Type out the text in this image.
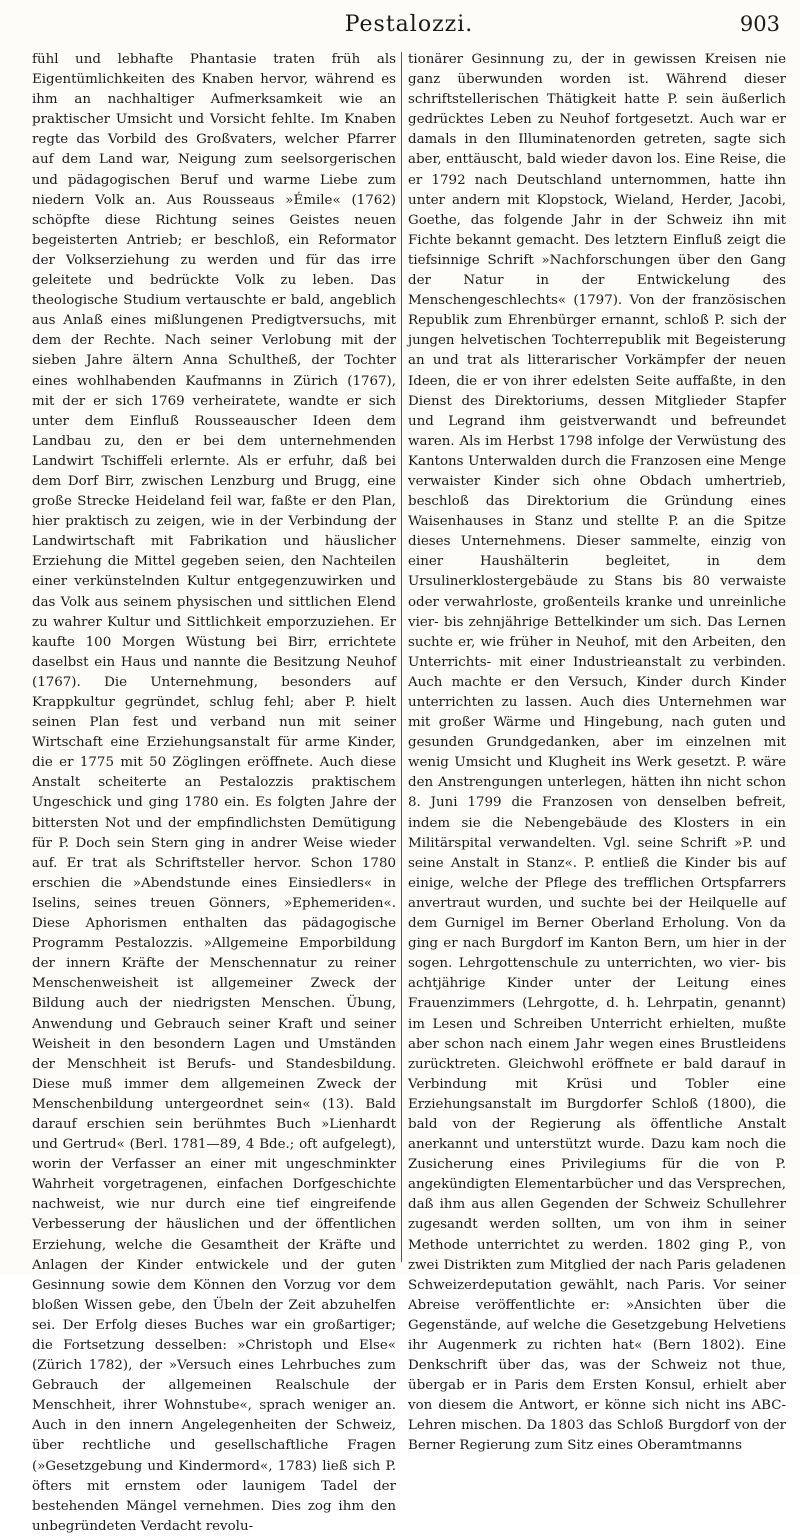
Pestalozzi.	903

fühl und lebhafte Phantasie traten früh als Eigentümlichkeiten des Knaben hervor, während es ihm an nachhaltiger Aufmerksamkeit wie an praktischer Umsicht und Vorsicht fehlte. Im Knaben regte das Vorbild des Großvaters, welcher Pfarrer auf dem Land war, Neigung zum seelsorgerischen und pädagogischen Beruf und warme Liebe zum niedern Volk an. Aus Rousseaus »Émile« (1762) schöpfte diese Richtung seines Geistes neuen begeisterten Antrieb; er beschloß, ein Reformator der Volkserziehung zu werden und für das irre geleitete und bedrückte Volk zu leben. Das theologische Studium vertauschte er bald, angeblich aus Anlaß eines mißlungenen Predigtversuchs, mit dem der Rechte. Nach seiner Verlobung mit der sieben Jahre ältern Anna Schultheß, der Tochter eines wohlhabenden Kaufmanns in Zürich (1767), mit der er sich 1769 verheiratete, wandte er sich unter dem Einfluß Rousseauscher Ideen dem Landbau zu, den er bei dem unternehmenden Landwirt Tschiffeli erlernte. Als er erfuhr, daß bei dem Dorf Birr, zwischen Lenzburg und Brugg, eine große Strecke Heideland feil war, faßte er den Plan, hier praktisch zu zeigen, wie in der Verbindung der Landwirtschaft mit Fabrikation und häuslicher Erziehung die Mittel gegeben seien, den Nachteilen einer verkünstelnden Kultur entgegenzuwirken und das Volk aus seinem physischen und sittlichen Elend zu wahrer Kultur und Sittlichkeit emporzuziehen. Er kaufte 100 Morgen Wüstung bei Birr, errichtete daselbst ein Haus und nannte die Besitzung Neuhof (1767). Die Unternehmung, besonders auf Krappkultur gegründet, schlug fehl; aber P. hielt seinen Plan fest und verband nun mit seiner Wirtschaft eine Erziehungsanstalt für arme Kinder, die er 1775 mit 50 Zöglingen eröffnete. Auch diese Anstalt scheiterte an Pestalozzis praktischem Ungeschick und ging 1780 ein. Es folgten Jahre der bittersten Not und der empfindlichsten Demütigung für P. Doch sein Stern ging in andrer Weise wieder auf. Er trat als Schriftsteller hervor. Schon 1780 erschien die »Abendstunde eines Einsiedlers« in Iselins, seines treuen Gönners, »Ephemeriden«. Diese Aphorismen enthalten das pädagogische Programm Pestalozzis. »Allgemeine Emporbildung der innern Kräfte der Menschennatur zu reiner Menschenweisheit ist allgemeiner Zweck der Bildung auch der niedrigsten Menschen. Übung, Anwendung und Gebrauch seiner Kraft und seiner Weisheit in den besondern Lagen und Umständen der Menschheit ist Berufs- und Standesbildung. Diese muß immer dem allgemeinen Zweck der Menschenbildung untergeordnet sein« (13). Bald darauf erschien sein berühmtes Buch »Lienhardt und Gertrud« (Berl. 1781—89, 4 Bde.; oft aufgelegt), worin der Verfasser an einer mit ungeschminkter Wahrheit vorgetragenen, einfachen Dorfgeschichte nachweist, wie nur durch eine tief eingreifende Verbesserung der häuslichen und der öffentlichen Erziehung, welche die Gesamtheit der Kräfte und Anlagen der Kinder entwickele und der guten Gesinnung sowie dem Können den Vorzug vor dem bloßen Wissen gebe, den Übeln der Zeit abzuhelfen sei. Der Erfolg dieses Buches war ein großartiger; die Fortsetzung desselben: »Christoph und Else« (Zürich 1782), der »Versuch eines Lehrbuches zum Gebrauch der allgemeinen Realschule der Menschheit, ihrer Wohnstube«, sprach weniger an. Auch in den innern Angelegenheiten der Schweiz, über rechtliche und gesellschaftliche Fragen (»Gesetzgebung und Kindermord«, 1783) ließ sich P. öfters mit ernstem oder launigem Tadel der bestehenden Mängel vernehmen. Dies zog ihm den unbegründeten Verdacht revolu-

tionärer Gesinnung zu, der in gewissen Kreisen nie ganz überwunden worden ist. Während dieser schriftstellerischen Thätigkeit hatte P. sein äußerlich gedrücktes Leben zu Neuhof fortgesetzt. Auch war er damals in den Illuminatenorden getreten, sagte sich aber, enttäuscht, bald wieder davon los. Eine Reise, die er 1792 nach Deutschland unternommen, hatte ihn unter andern mit Klopstock, Wieland, Herder, Jacobi, Goethe, das folgende Jahr in der Schweiz ihn mit Fichte bekannt gemacht. Des letztern Einfluß zeigt die tiefsinnige Schrift »Nachforschungen über den Gang der Natur in der Entwickelung des Menschengeschlechts« (1797). Von der französischen Republik zum Ehrenbürger ernannt, schloß P. sich der jungen helvetischen Tochterrepublik mit Begeisterung an und trat als litterarischer Vorkämpfer der neuen Ideen, die er von ihrer edelsten Seite auffaßte, in den Dienst des Direktoriums, dessen Mitglieder Stapfer und Legrand ihm geistverwandt und befreundet waren. Als im Herbst 1798 infolge der Verwüstung des Kantons Unterwalden durch die Franzosen eine Menge verwaister Kinder sich ohne Obdach umhertrieb, beschloß das Direktorium die Gründung eines Waisenhauses in Stanz und stellte P. an die Spitze dieses Unternehmens. Dieser sammelte, einzig von einer Haushälterin begleitet, in dem Ursulinerklostergebäude zu Stans bis 80 verwaiste oder verwahrloste, großenteils kranke und unreinliche vier- bis zehnjährige Bettelkinder um sich. Das Lernen suchte er, wie früher in Neuhof, mit den Arbeiten, den Unterrichts- mit einer Industrieanstalt zu verbinden. Auch machte er den Versuch, Kinder durch Kinder unterrichten zu lassen. Auch dies Unternehmen war mit großer Wärme und Hingebung, nach guten und gesunden Grundgedanken, aber im einzelnen mit wenig Umsicht und Klugheit ins Werk gesetzt. P. wäre den Anstrengungen unterlegen, hätten ihn nicht schon 8. Juni 1799 die Franzosen von denselben befreit, indem sie die Nebengebäude des Klosters in ein Militärspital verwandelten. Vgl. seine Schrift »P. und seine Anstalt in Stanz«. P. entließ die Kinder bis auf einige, welche der Pflege des trefflichen Ortspfarrers anvertraut wurden, und suchte bei der Heilquelle auf dem Gurnigel im Berner Oberland Erholung. Von da ging er nach Burgdorf im Kanton Bern, um hier in der sogen. Lehrgottenschule zu unterrichten, wo vier- bis achtjährige Kinder unter der Leitung eines Frauenzimmers (Lehrgotte, d. h. Lehrpatin, genannt) im Lesen und Schreiben Unterricht erhielten, mußte aber schon nach einem Jahr wegen eines Brustleidens zurücktreten. Gleichwohl eröffnete er bald darauf in Verbindung mit Krüsi und Tobler eine Erziehungsanstalt im Burgdorfer Schloß (1800), die bald von der Regierung als öffentliche Anstalt anerkannt und unterstützt wurde. Dazu kam noch die Zusicherung eines Privilegiums für die von P. angekündigten Elementarbücher und das Versprechen, daß ihm aus allen Gegenden der Schweiz Schullehrer zugesandt werden sollten, um von ihm in seiner Methode unterrichtet zu werden. 1802 ging P., von zwei Distrikten zum Mitglied der nach Paris geladenen Schweizerdeputation gewählt, nach Paris. Vor seiner Abreise veröffentlichte er: »Ansichten über die Gegenstände, auf welche die Gesetzgebung Helvetiens ihr Augenmerk zu richten hat« (Bern 1802). Eine Denkschrift über das, was der Schweiz not thue, übergab er in Paris dem Ersten Konsul, erhielt aber von diesem die Antwort, er könne sich nicht ins ABC-Lehren mischen. Da 1803 das Schloß Burgdorf von der Berner Regierung zum Sitz eines Oberamtmanns
